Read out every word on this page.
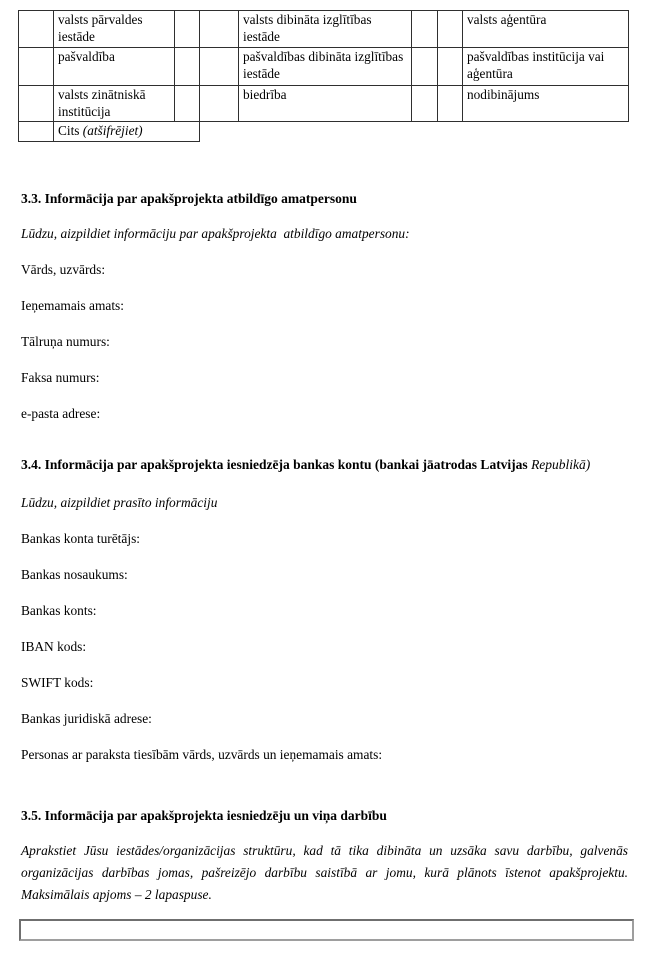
	valsts pārvaldes iestāde			valsts dibināta izglītības iestāde			valsts aģentūra
	pašvaldība			pašvaldības dibināta izglītības iestāde			pašvaldības institūcija vai aģentūra
	valsts zinātniskā institūcija			biedrība			nodibinājums
	Cits (atšifrējiet)						

3.3. Informācija par apakšprojekta atbildīgo amatpersonu

Lūdzu, aizpildiet informāciju par apakšprojekta  atbildīgo amatpersonu:

Vārds, uzvārds:

Ieņemamais amats:

Tālruņa numurs:

Faksa numurs:

e-pasta adrese:

3.4. Informācija par apakšprojekta iesniedzēja bankas kontu (bankai jāatrodas Latvijas Republikā)

Lūdzu, aizpildiet prasīto informāciju

Bankas konta turētājs:

Bankas nosaukums:

Bankas konts:

IBAN kods:

SWIFT kods:

Bankas juridiskā adrese:

Personas ar paraksta tiesībām vārds, uzvārds un ieņemamais amats:

3.5. Informācija par apakšprojekta iesniedzēju un viņa darbību

Aprakstiet Jūsu iestādes/organizācijas struktūru, kad tā tika dibināta un uzsāka savu darbību, galvenās organizācijas darbības jomas, pašreizējo darbību saistībā ar jomu, kurā plānots īstenot apakšprojektu. Maksimālais apjoms – 2 lapaspuse.
